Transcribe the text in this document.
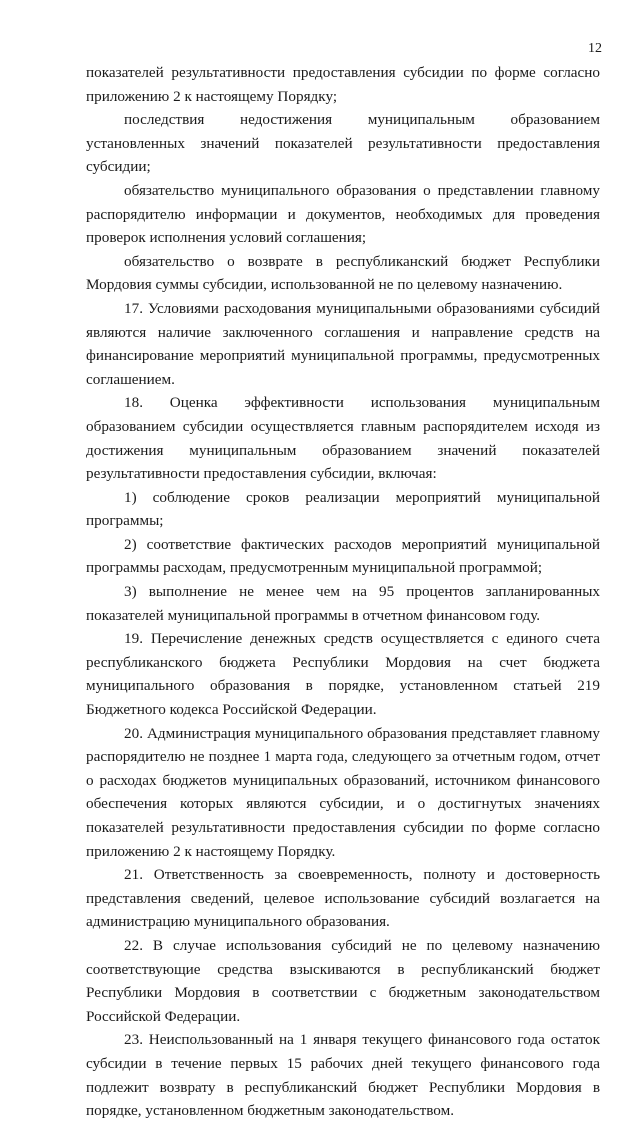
12

показателей результативности предоставления субсидии по форме согласно приложению 2 к настоящему Порядку;

последствия недостижения муниципальным образованием установленных значений показателей результативности предоставления субсидии;

обязательство муниципального образования о представлении главному распорядителю информации и документов, необходимых для проведения проверок исполнения условий соглашения;

обязательство о возврате в республиканский бюджет Республики Мордовия суммы субсидии, использованной не по целевому назначению.

17. Условиями расходования муниципальными образованиями субсидий являются наличие заключенного соглашения и направление средств на финансирование мероприятий муниципальной программы, предусмотренных соглашением.

18. Оценка эффективности использования муниципальным образованием субсидии осуществляется главным распорядителем исходя из достижения муниципальным образованием значений показателей результативности предоставления субсидии, включая:

1) соблюдение сроков реализации мероприятий муниципальной программы;

2) соответствие фактических расходов мероприятий муниципальной программы расходам, предусмотренным муниципальной программой;

3) выполнение не менее чем на 95 процентов запланированных показателей муниципальной программы в отчетном финансовом году.

19. Перечисление денежных средств осуществляется с единого счета республиканского бюджета Республики Мордовия на счет бюджета муниципального образования в порядке, установленном статьей 219 Бюджетного кодекса Российской Федерации.

20. Администрация муниципального образования представляет главному распорядителю не позднее 1 марта года, следующего за отчетным годом, отчет о расходах бюджетов муниципальных образований, источником финансового обеспечения которых являются субсидии, и о достигнутых значениях показателей результативности предоставления субсидии по форме согласно приложению 2 к настоящему Порядку.

21. Ответственность за своевременность, полноту и достоверность представления сведений, целевое использование субсидий возлагается на администрацию муниципального образования.

22. В случае использования субсидий не по целевому назначению соответствующие средства взыскиваются в республиканский бюджет Республики Мордовия в соответствии с бюджетным законодательством Российской Федерации.

23. Неиспользованный на 1 января текущего финансового года остаток субсидии в течение первых 15 рабочих дней текущего финансового года подлежит возврату в республиканский бюджет Республики Мордовия в порядке, установленном бюджетным законодательством.
